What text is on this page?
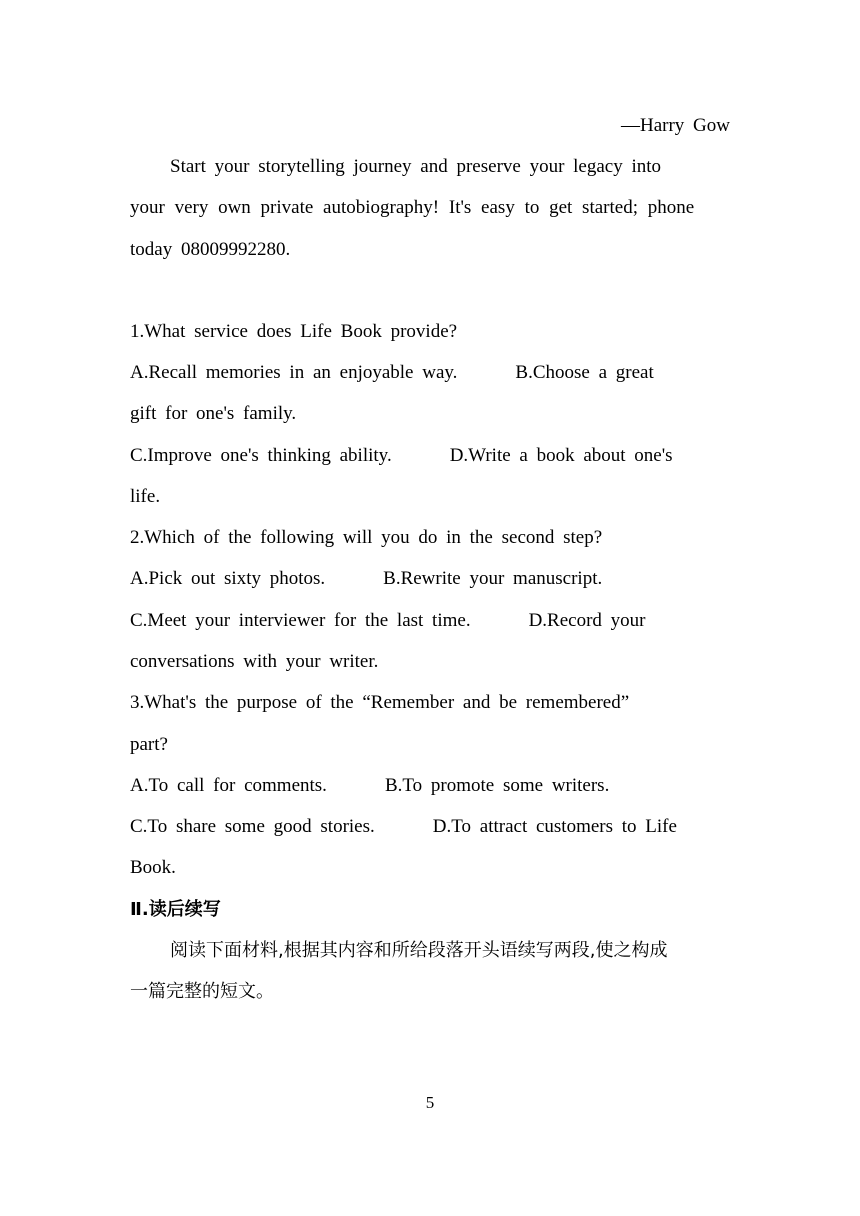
—Harry Gow
Start your storytelling journey and preserve your legacy into
your very own private autobiography! It's easy to get started; phone
today 08009992280.
1.What service does Life Book provide?
A.Recall memories in an enjoyable way.	B.Choose a great
gift for one's family.
C.Improve one's thinking ability.	D.Write a book about one's
life.
2.Which of the following will you do in the second step?
A.Pick out sixty photos.	B.Rewrite your manuscript.
C.Meet your interviewer for the last time.	D.Record your
conversations with your writer.
3.What's the purpose of the “Remember and be remembered”
part?
A.To call for comments.	B.To promote some writers.
C.To share some good stories.	D.To attract customers to Life
Book.
Ⅱ.读后续写
阅读下面材料,根据其内容和所给段落开头语续写两段,使之构成
一篇完整的短文。
5
